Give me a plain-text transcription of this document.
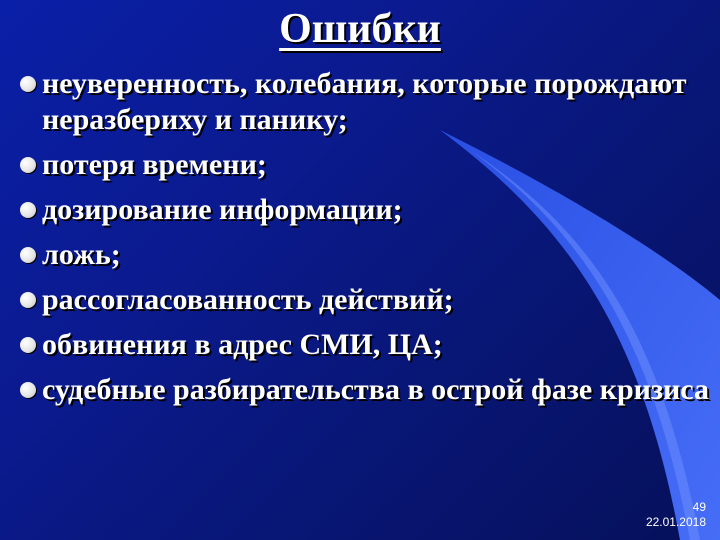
Ошибки
неуверенность, колебания, которые порождают неразбериху и панику;
потеря времени;
дозирование информации;
ложь;
рассогласованность действий;
обвинения в адрес СМИ, ЦА;
судебные разбирательства в острой фазе кризиса
49
22.01.2018
